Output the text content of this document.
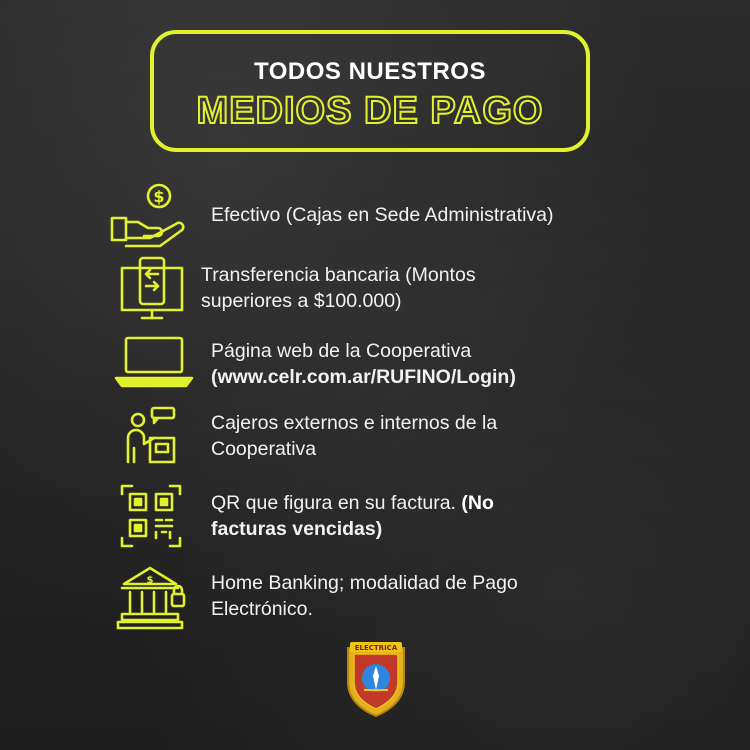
TODOS NUESTROS
MEDIOS DE PAGO
$
Efectivo (Cajas en Sede Administrativa)
Transferencia bancaria (Montos
superiores a $100.000)
Página web de la Cooperativa
(www.celr.com.ar/RUFINO/Login)
Cajeros externos e internos de la
Cooperativa
QR que figura en su factura. (No
facturas vencidas)
$	Home Banking; modalidad de Pago
Electrónico.
ELECTRICA
